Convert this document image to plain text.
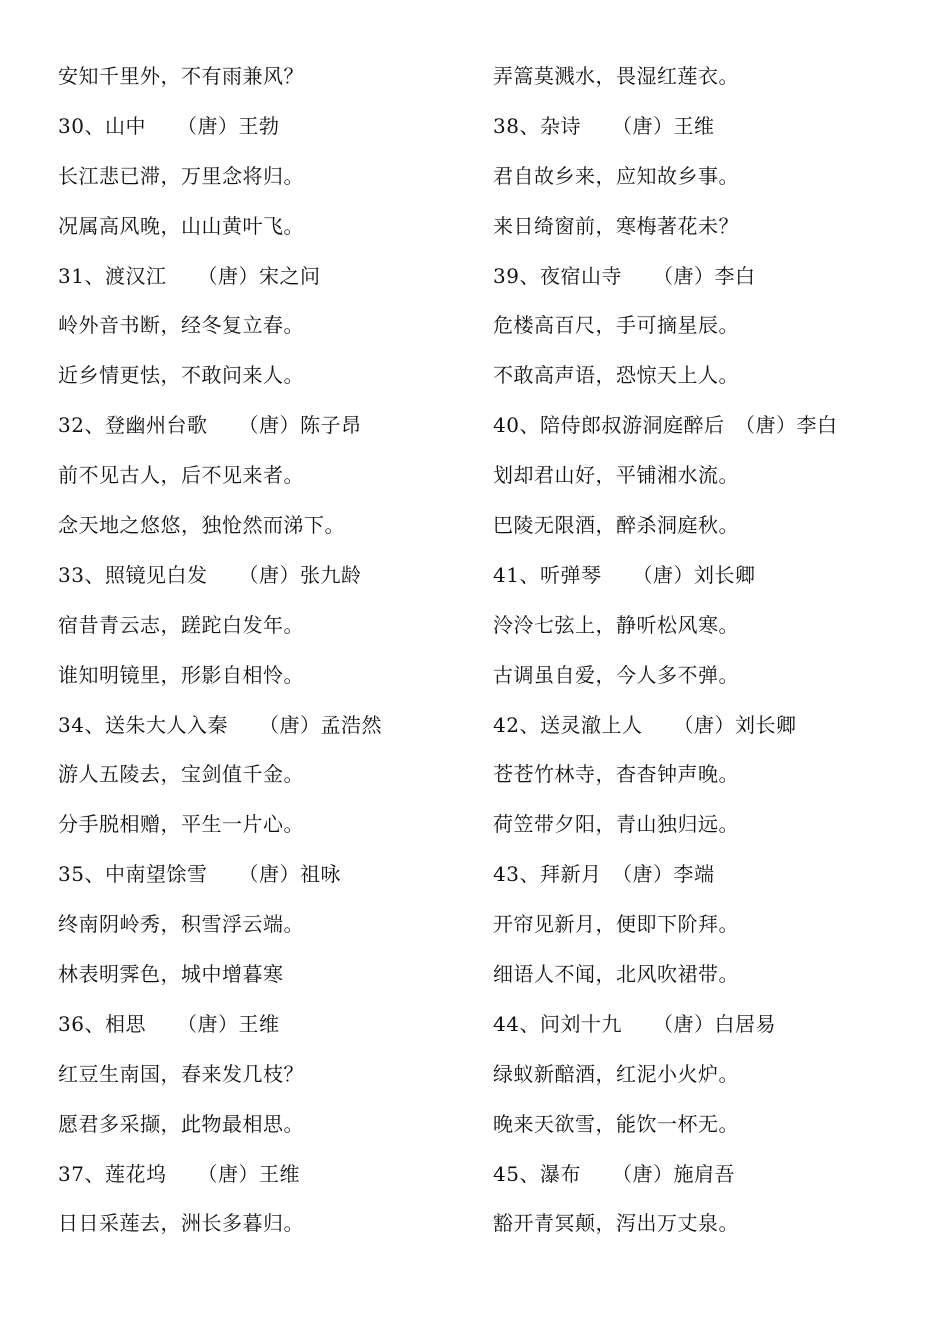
安知千里外，不有雨兼风？
30、山中　　（唐）王勃
长江悲已滞，万里念将归。
况属高风晚，山山黄叶飞。
31、渡汉江　　（唐）宋之问
岭外音书断，经冬复立春。
近乡情更怯，不敢问来人。
32、登幽州台歌　　（唐）陈子昂
前不见古人，后不见来者。
念天地之悠悠，独怆然而涕下。
33、照镜见白发　　（唐）张九龄
宿昔青云志，蹉跎白发年。
谁知明镜里，形影自相怜。
34、送朱大人入秦　　（唐）孟浩然
游人五陵去，宝剑值千金。
分手脱相赠，平生一片心。
35、中南望馀雪　　（唐）祖咏
终南阴岭秀，积雪浮云端。
林表明霁色，城中增暮寒
36、相思　　（唐）王维
红豆生南国，春来发几枝？
愿君多采撷，此物最相思。
37、莲花坞　　（唐）王维
日日采莲去，洲长多暮归。
弄篙莫溅水，畏湿红莲衣。
38、杂诗　　（唐）王维
君自故乡来，应知故乡事。
来日绮窗前，寒梅著花未？
39、夜宿山寺　　（唐）李白
危楼高百尺，手可摘星辰。
不敢高声语，恐惊天上人。
40、陪侍郎叔游洞庭醉后　（唐）李白
划却君山好，平铺湘水流。
巴陵无限酒，醉杀洞庭秋。
41、听弹琴　　（唐）刘长卿
泠泠七弦上，静听松风寒。
古调虽自爱，今人多不弹。
42、送灵澈上人　　（唐）刘长卿
苍苍竹林寺，杳杳钟声晚。
荷笠带夕阳，青山独归远。
43、拜新月　（唐）李端
开帘见新月，便即下阶拜。
细语人不闻，北风吹裙带。
44、问刘十九　　（唐）白居易
绿蚁新醅酒，红泥小火炉。
晚来天欲雪，能饮一杯无。
45、瀑布　　（唐）施肩吾
豁开青冥颠，泻出万丈泉。
